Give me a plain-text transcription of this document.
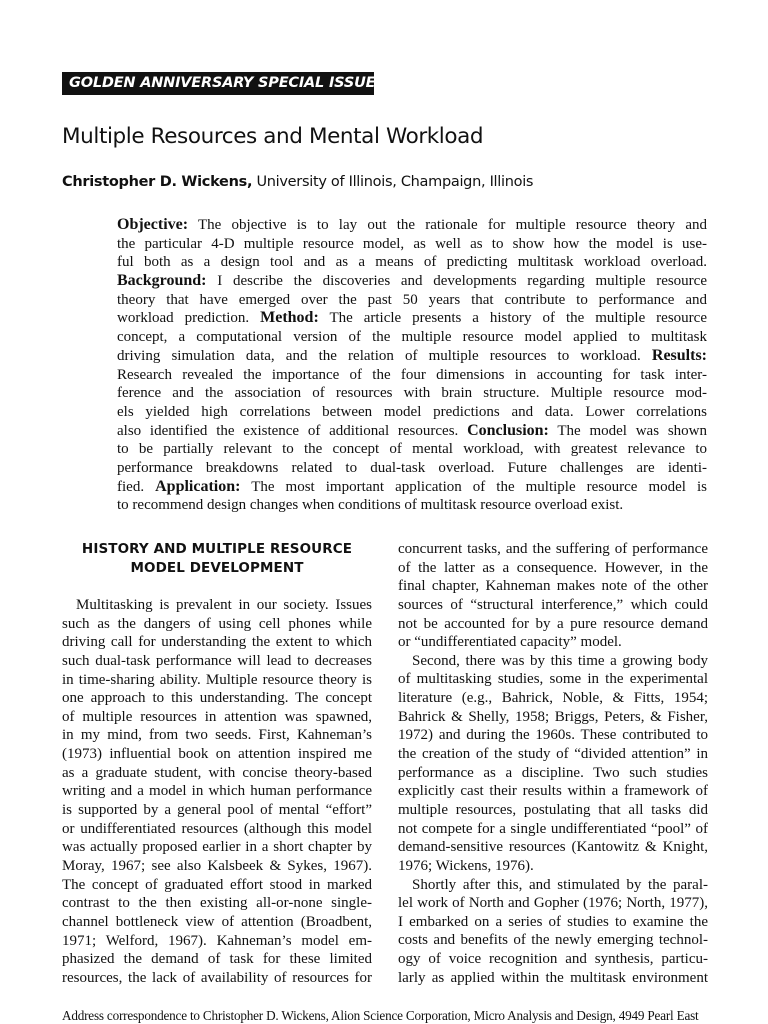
GOLDEN ANNIVERSARY SPECIAL ISSUE
Multiple Resources and Mental Workload
Christopher D. Wickens, University of Illinois, Champaign, Illinois
Objective: The objective is to lay out the rationale for multiple resource theory and
the particular 4-D multiple resource model, as well as to show how the model is use-
ful both as a design tool and as a means of predicting multitask workload overload.
Background: I describe the discoveries and developments regarding multiple resource
theory that have emerged over the past 50 years that contribute to performance and
workload prediction. Method: The article presents a history of the multiple resource
concept, a computational version of the multiple resource model applied to multitask
driving simulation data, and the relation of multiple resources to workload. Results:
Research revealed the importance of the four dimensions in accounting for task inter-
ference and the association of resources with brain structure. Multiple resource mod-
els yielded high correlations between model predictions and data. Lower correlations
also identified the existence of additional resources. Conclusion: The model was shown
to be partially relevant to the concept of mental workload, with greatest relevance to
performance breakdowns related to dual-task overload. Future challenges are identi-
fied. Application: The most important application of the multiple resource model is
to recommend design changes when conditions of multitask resource overload exist.
HISTORY AND MULTIPLE RESOURCE
MODEL DEVELOPMENT
Multitasking is prevalent in our society. Issues
such as the dangers of using cell phones while
driving call for understanding the extent to which
such dual-task performance will lead to decreases
in time-sharing ability. Multiple resource theory is
one approach to this understanding. The concept
of multiple resources in attention was spawned,
in my mind, from two seeds. First, Kahneman’s
(1973) influential book on attention inspired me
as a graduate student, with concise theory-based
writing and a model in which human performance
is supported by a general pool of mental “effort”
or undifferentiated resources (although this model
was actually proposed earlier in a short chapter by
Moray, 1967; see also Kalsbeek & Sykes, 1967).
The concept of graduated effort stood in marked
contrast to the then existing all-or-none single-
channel bottleneck view of attention (Broadbent,
1971; Welford, 1967). Kahneman’s model em-
phasized the demand of task for these limited
resources, the lack of availability of resources for
concurrent tasks, and the suffering of performance
of the latter as a consequence. However, in the
final chapter, Kahneman makes note of the other
sources of “structural interference,” which could
not be accounted for by a pure resource demand
or “undifferentiated capacity” model.
Second, there was by this time a growing body
of multitasking studies, some in the experimental
literature (e.g., Bahrick, Noble, & Fitts, 1954;
Bahrick & Shelly, 1958; Briggs, Peters, & Fisher,
1972) and during the 1960s. These contributed to
the creation of the study of “divided attention” in
performance as a discipline. Two such studies
explicitly cast their results within a framework of
multiple resources, postulating that all tasks did
not compete for a single undifferentiated “pool” of
demand-sensitive resources (Kantowitz & Knight,
1976; Wickens, 1976).
Shortly after this, and stimulated by the paral-
lel work of North and Gopher (1976; North, 1977),
I embarked on a series of studies to examine the
costs and benefits of the newly emerging technol-
ogy of voice recognition and synthesis, particu-
larly as applied within the multitask environment
Address correspondence to Christopher D. Wickens, Alion Science Corporation, Micro Analysis and Design, 4949 Pearl East
